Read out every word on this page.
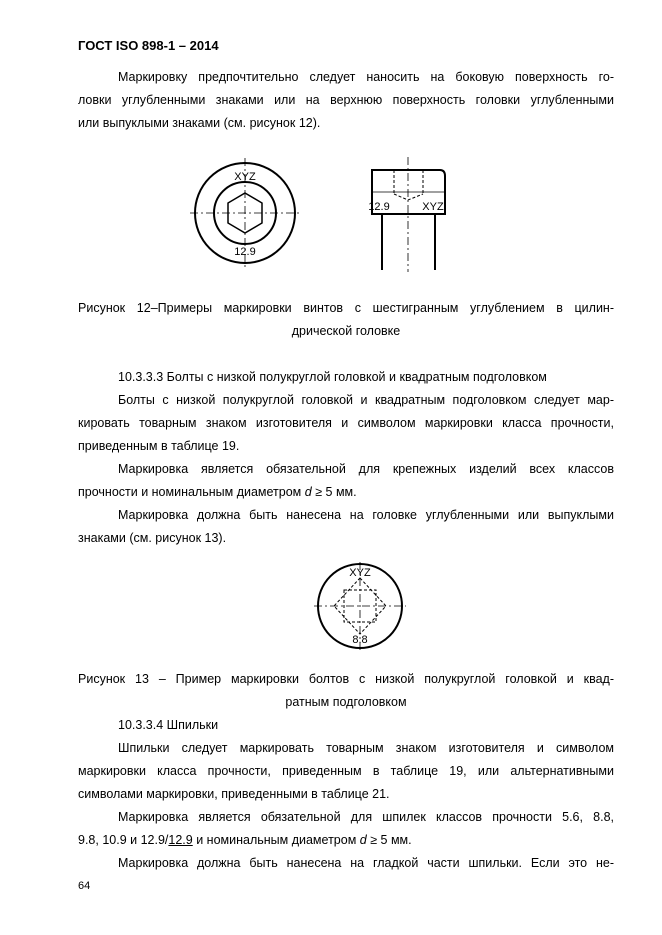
ГОСТ ISO 898-1 – 2014
Маркировку предпочтительно следует наносить на боковую поверхность го-
ловки углубленными знаками или на верхнюю поверхность головки углубленными
или выпуклыми знаками (см. рисунок 12).
XYZ
12.9
12.9	XYZ
Рисунок 12–Примеры маркировки винтов с шестигранным углублением в цилин-
дрической головке
10.3.3.3 Болты с низкой полукруглой головкой и квадратным подголовком
Болты с низкой полукруглой головкой и квадратным подголовком следует мар-
кировать товарным знаком изготовителя и символом маркировки класса прочности,
приведенным в таблице 19.
Маркировка является обязательной для крепежных изделий всех классов
прочности и номинальным диаметром d ≥ 5 мм.
Маркировка должна быть нанесена на головке углубленными или выпуклыми
знаками (см. рисунок 13).
XYZ
8.8
Рисунок 13 – Пример маркировки болтов с низкой полукруглой головкой и квад-
ратным подголовком
10.3.3.4 Шпильки
Шпильки следует маркировать товарным знаком изготовителя и символом
маркировки класса прочности, приведенным в таблице 19, или альтернативными
символами маркировки, приведенными в таблице 21.
Маркировка является обязательной для шпилек классов прочности 5.6, 8.8,
9.8, 10.9 и 12.9/12.9 и номинальным диаметром d ≥ 5 мм.
Маркировка должна быть нанесена на гладкой части шпильки. Если это не-
64
